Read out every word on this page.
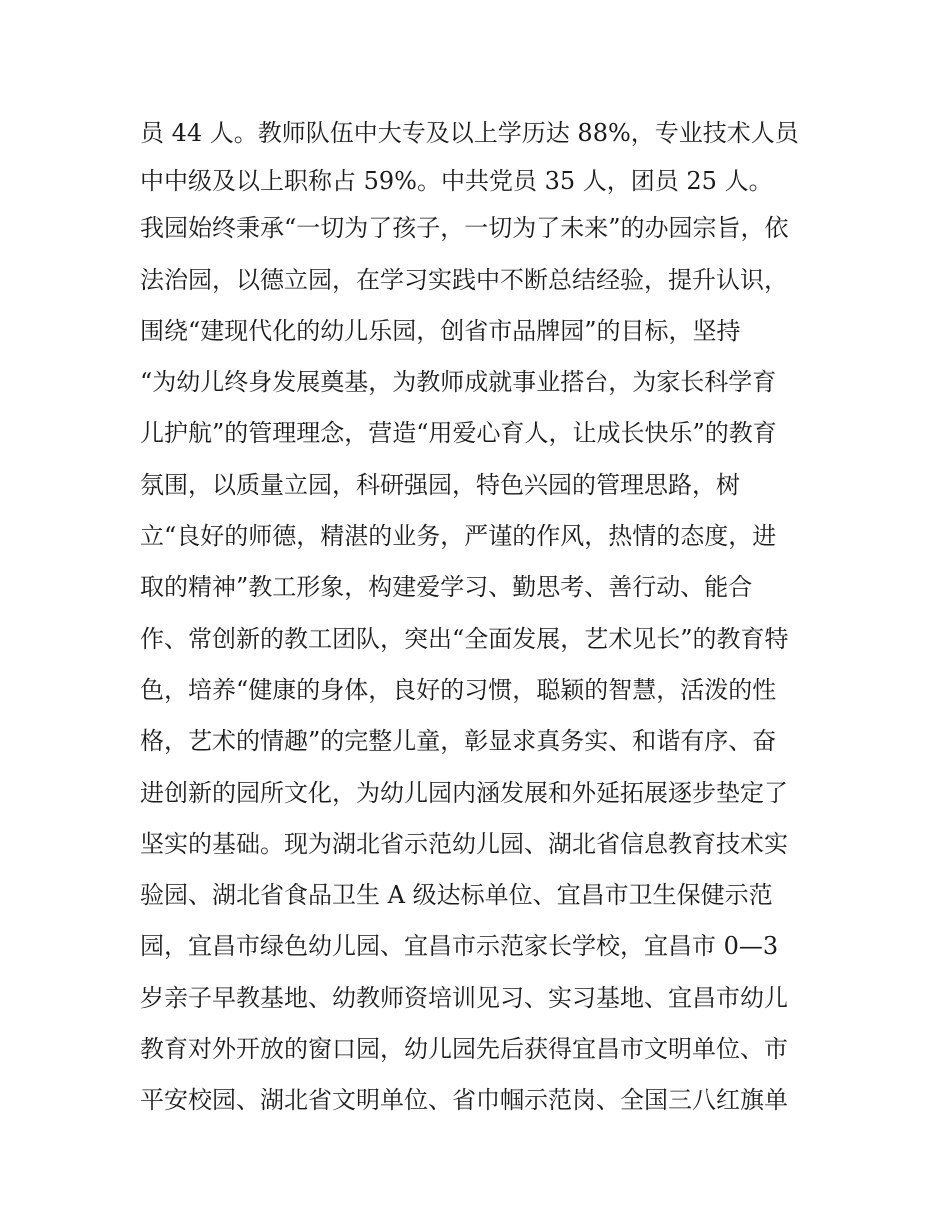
员 44 人。教师队伍中大专及以上学历达 88%，专业技术人员

中中级及以上职称占 59%。中共党员 35 人，团员 25 人。

我园始终秉承“一切为了孩子，一切为了未来”的办园宗旨，依

法治园，以德立园，在学习实践中不断总结经验，提升认识，

围绕“建现代化的幼儿乐园，创省市品牌园”的目标，坚持

“为幼儿终身发展奠基，为教师成就事业搭台，为家长科学育

儿护航”的管理理念，营造“用爱心育人，让成长快乐”的教育

氛围，以质量立园，科研强园，特色兴园的管理思路，树

立“良好的师德，精湛的业务，严谨的作风，热情的态度，进

取的精神”教工形象，构建爱学习、勤思考、善行动、能合

作、常创新的教工团队，突出“全面发展，艺术见长”的教育特

色，培养“健康的身体，良好的习惯，聪颖的智慧，活泼的性

格，艺术的情趣”的完整儿童，彰显求真务实、和谐有序、奋

进创新的园所文化，为幼儿园内涵发展和外延拓展逐步垫定了

坚实的基础。现为湖北省示范幼儿园、湖北省信息教育技术实

验园、湖北省食品卫生 A 级达标单位、宜昌市卫生保健示范

园，宜昌市绿色幼儿园、宜昌市示范家长学校，宜昌市 0—3

岁亲子早教基地、幼教师资培训见习、实习基地、宜昌市幼儿

教育对外开放的窗口园，幼儿园先后获得宜昌市文明单位、市

平安校园、湖北省文明单位、省巾帼示范岗、全国三八红旗单
